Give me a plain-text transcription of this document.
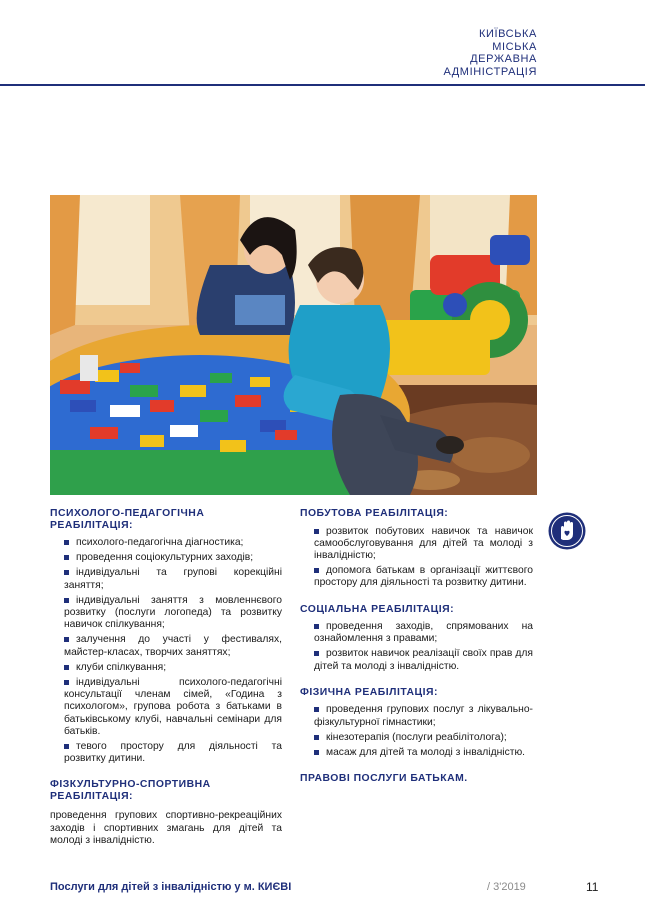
КИЇВСЬКА
МІСЬКА
ДЕРЖАВНА
АДМІНІСТРАЦІЯ
ПСИХОЛОГО-ПЕДАГОГІЧНА
РЕАБІЛІТАЦІЯ:
психолого-педагогічна діагностика;
проведення соціокультурних заходів;
індивідуальні та групові корекційні заняття;
індивідуальні заняття з мовленнєвого розвитку (послуги логопеда) та розвитку навичок спілкування;
залучення до участі у фестивалях, майстер-класах, творчих заняттях;
клуби спілкування;
індивідуальні психолого-педагогічні консультації членам сімей, «Година з психологом», групова робота з батьками в батьківському клубі, навчальні семінари для батьків.
тевого простору для діяльності та розвитку дитини.
ФІЗКУЛЬТУРНО-СПОРТИВНА
РЕАБІЛІТАЦІЯ:

проведення групових спортивно-рекреаційних заходів і спортивних змагань для дітей та молоді з інвалідністю.

ПОБУТОВА РЕАБІЛІТАЦІЯ:
розвиток побутових навичок та навичок самообслуговування для дітей та молоді з інвалідністю;
допомога батькам в організації життєвого простору для діяльності та розвитку дитини.
СОЦІАЛЬНА РЕАБІЛІТАЦІЯ:
проведення заходів, спрямованих на ознайомлення з правами;
розвиток навичок реалізації своїх прав для дітей та молоді з інвалідністю.
ФІЗИЧНА РЕАБІЛІТАЦІЯ:
проведення групових послуг з лікувально-фізкультурної гімнастики;
кінезотерапія (послуги реабілітолога);
масаж для дітей та молоді з інвалідністю.
ПРАВОВІ ПОСЛУГИ БАТЬКАМ.
Послуги для дітей з інвалідністю у м. КИЄВІ	/ 3'2019	11
